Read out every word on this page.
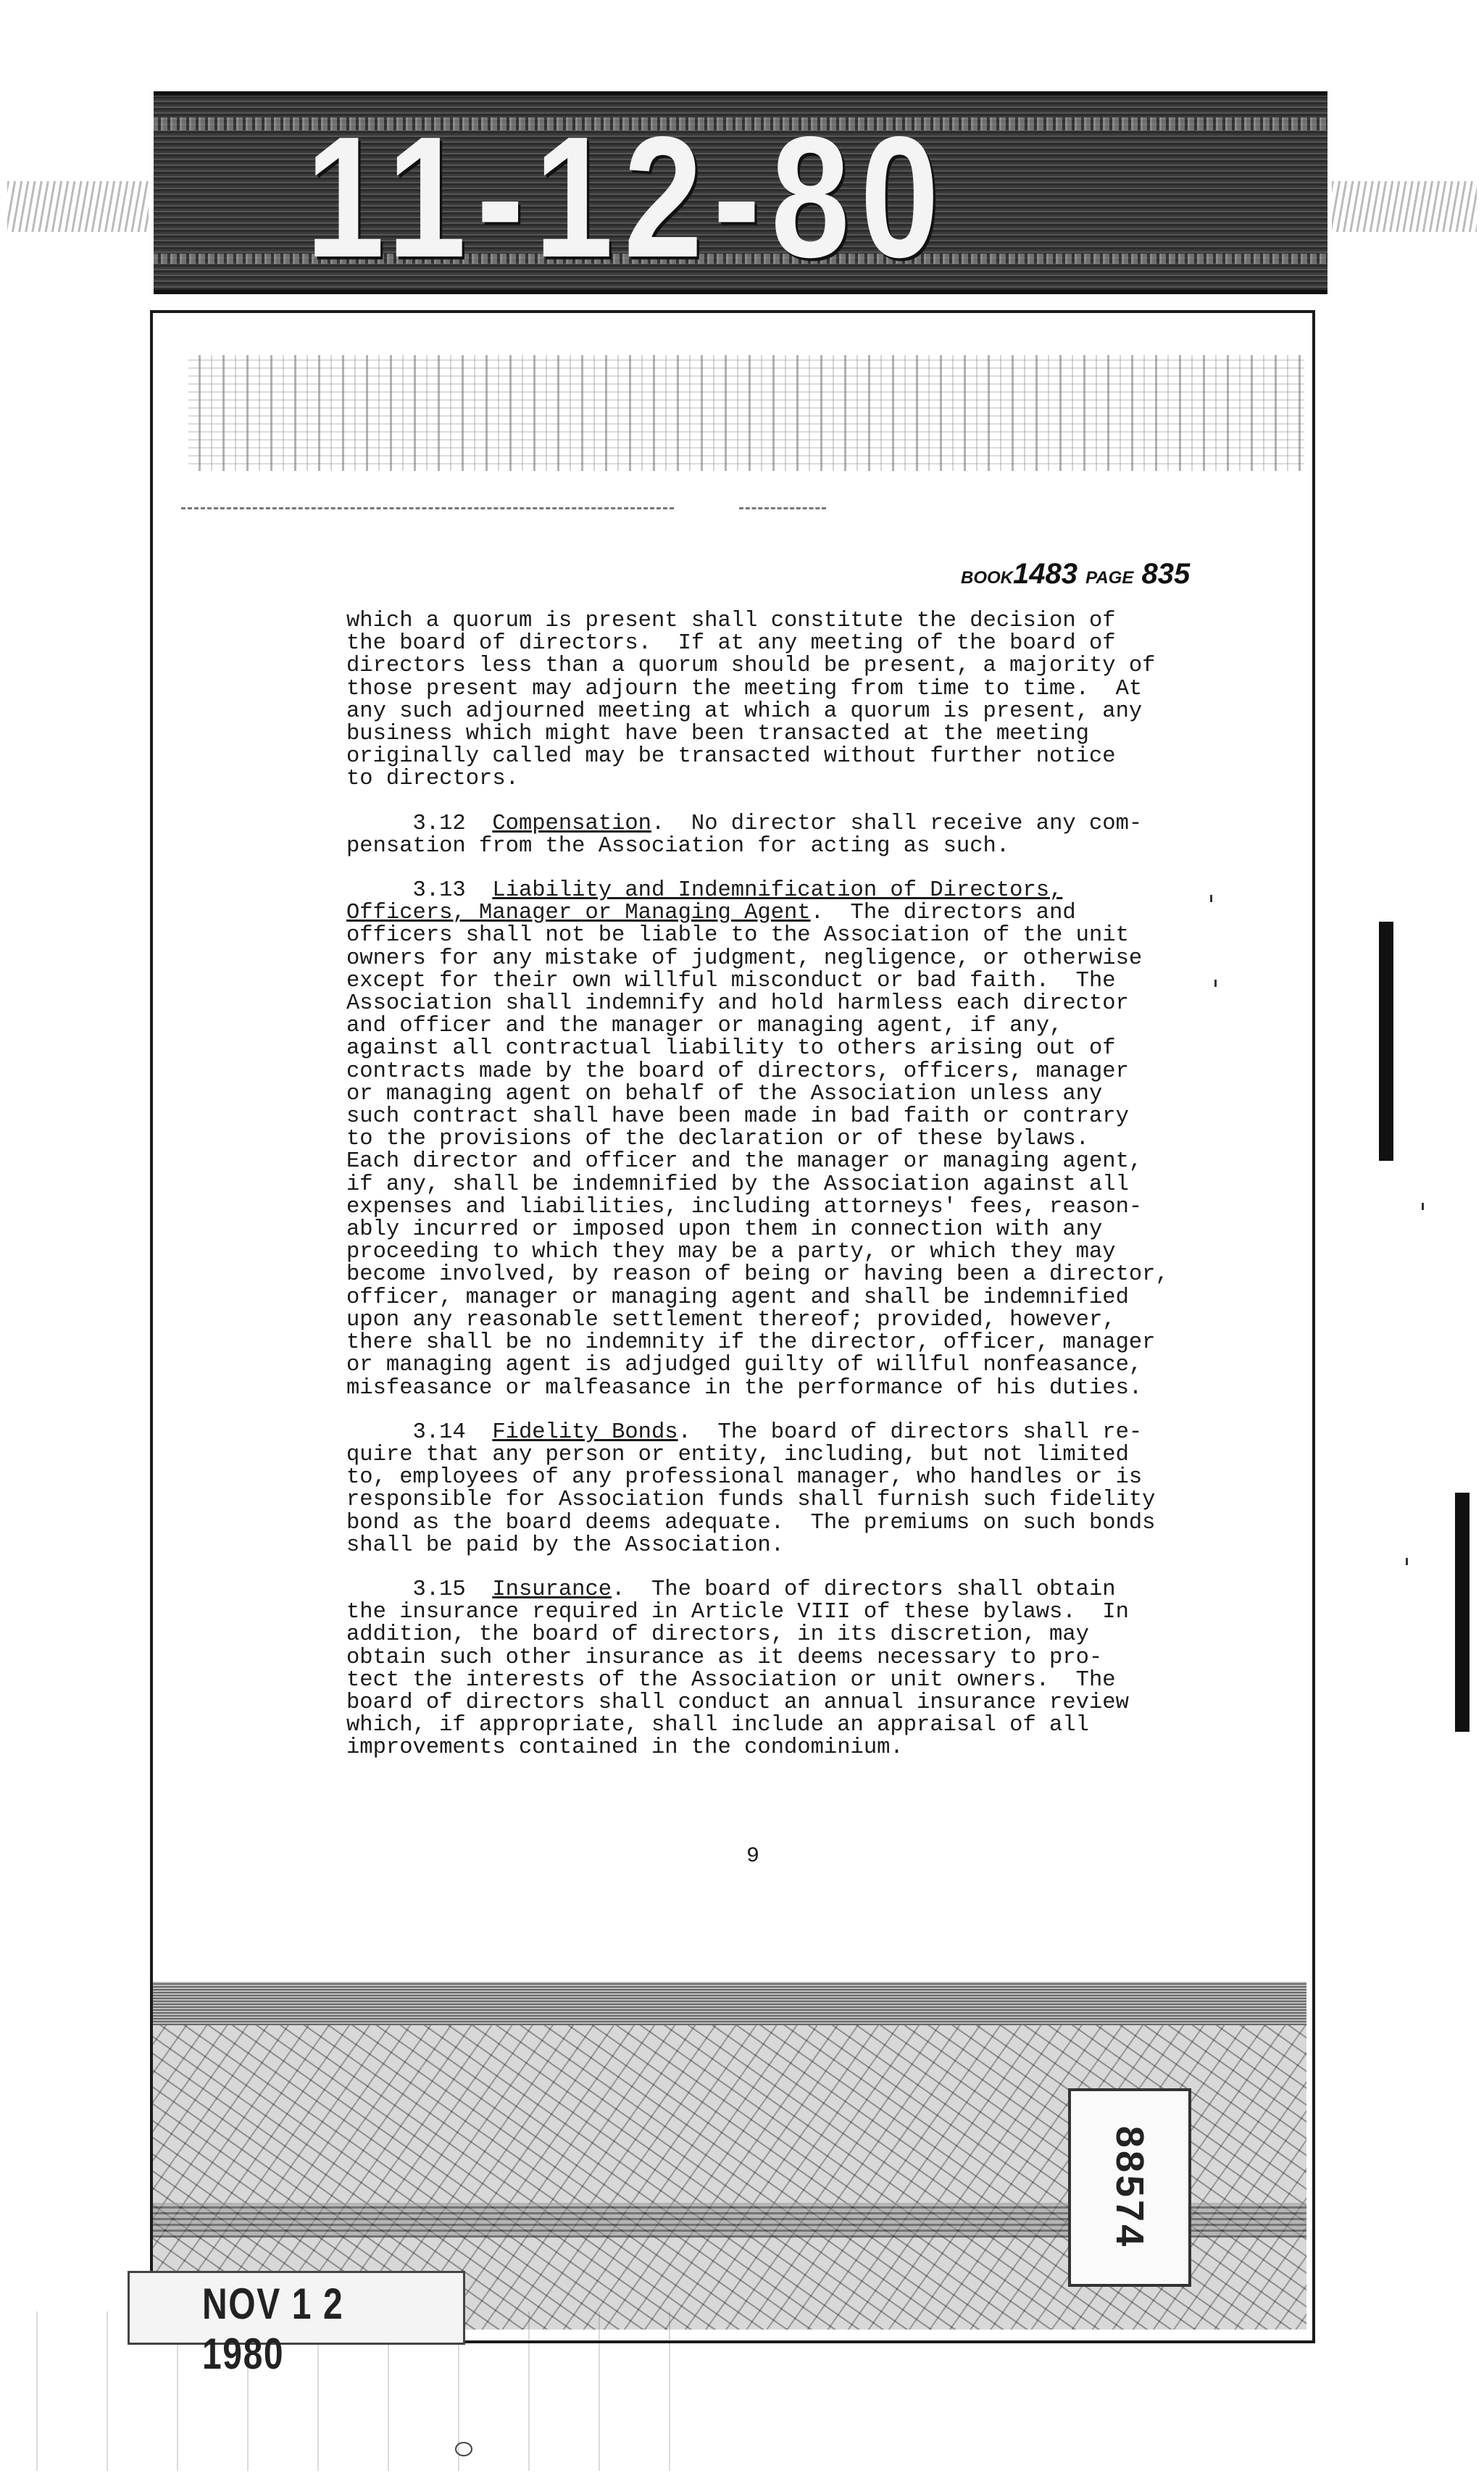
11-12-80
BOOK1483 PAGE 835

which a quorum is present shall constitute the decision of
the board of directors.  If at any meeting of the board of
directors less than a quorum should be present, a majority of
those present may adjourn the meeting from time to time.  At
any such adjourned meeting at which a quorum is present, any
business which might have been transacted at the meeting
originally called may be transacted without further notice
to directors.

3.12 Compensation.  No director shall receive any com-
pensation from the Association for acting as such.

3.13 Liability and Indemnification of Directors,
Officers, Manager or Managing Agent.  The directors and
officers shall not be liable to the Association of the unit
owners for any mistake of judgment, negligence, or otherwise
except for their own willful misconduct or bad faith.  The
Association shall indemnify and hold harmless each director
and officer and the manager or managing agent, if any,
against all contractual liability to others arising out of
contracts made by the board of directors, officers, manager
or managing agent on behalf of the Association unless any
such contract shall have been made in bad faith or contrary
to the provisions of the declaration or of these bylaws.
Each director and officer and the manager or managing agent,
if any, shall be indemnified by the Association against all
expenses and liabilities, including attorneys' fees, reason-
ably incurred or imposed upon them in connection with any
proceeding to which they may be a party, or which they may
become involved, by reason of being or having been a director,
officer, manager or managing agent and shall be indemnified
upon any reasonable settlement thereof; provided, however,
there shall be no indemnity if the director, officer, manager
or managing agent is adjudged guilty of willful nonfeasance,
misfeasance or malfeasance in the performance of his duties.

3.14 Fidelity Bonds.  The board of directors shall re-
quire that any person or entity, including, but not limited
to, employees of any professional manager, who handles or is
responsible for Association funds shall furnish such fidelity
bond as the board deems adequate.  The premiums on such bonds
shall be paid by the Association.

3.15 Insurance.  The board of directors shall obtain
the insurance required in Article VIII of these bylaws.  In
addition, the board of directors, in its discretion, may
obtain such other insurance as it deems necessary to pro-
tect the interests of the Association or unit owners.  The
board of directors shall conduct an annual insurance review
which, if appropriate, shall include an appraisal of all
improvements contained in the condominium.

9
88574
NOV 1 2 1980
